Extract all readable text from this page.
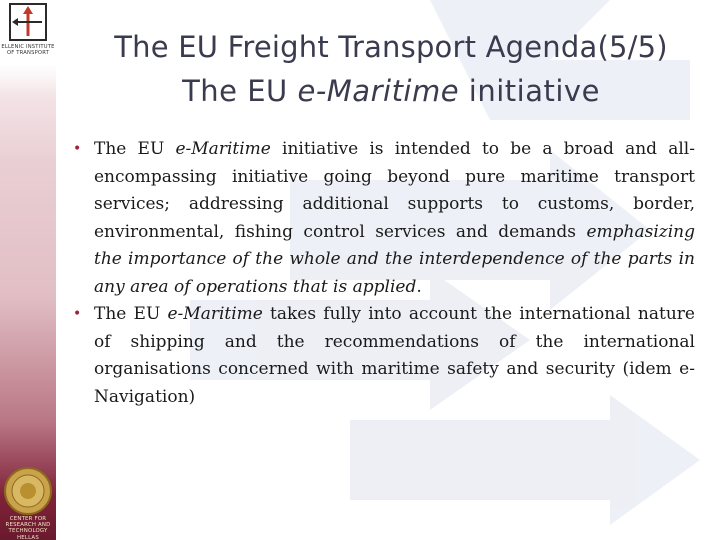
ELLENIC INSTITUTE OF TRANSPORT
CENTER FOR RESEARCH AND TECHNOLOGY HELLAS
The EU Freight Transport Agenda(5/5)
The EU e-Maritime initiative

• The EU e-Maritime initiative is intended to be a broad and all-encompassing initiative going beyond pure maritime transport services; addressing additional supports to customs, border, environmental, fishing control services and demands emphasizing the importance of the whole and the interdependence of the parts in any area of operations that is applied.

• The EU e-Maritime takes fully into account the international nature of shipping and the recommendations of the international organisations concerned with maritime safety and security (idem e-Navigation)
